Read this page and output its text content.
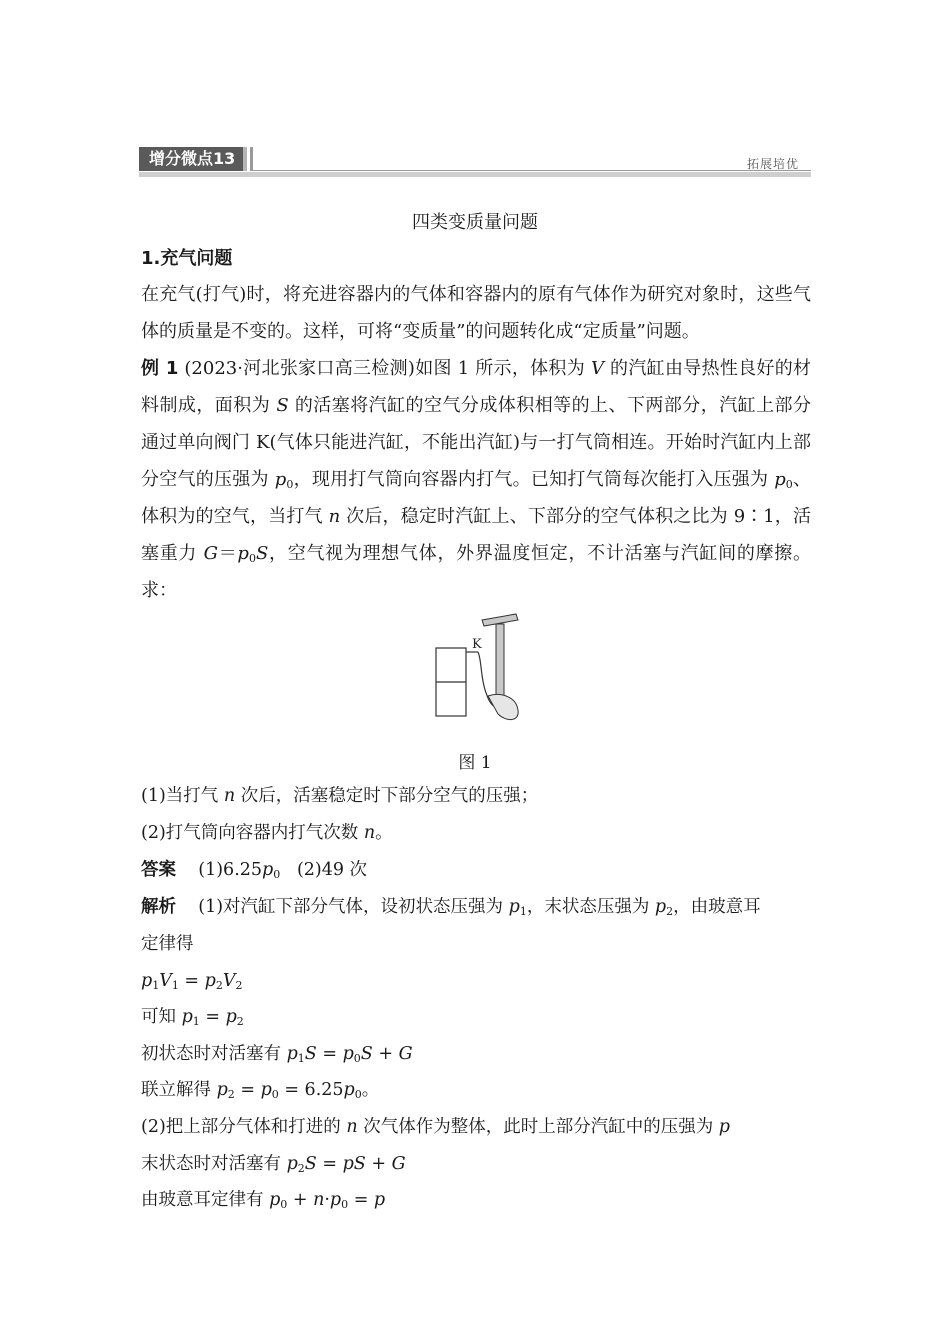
增分微点13	拓展培优
四类变质量问题
1.充气问题
在充气(打气)时，将充进容器内的气体和容器内的原有气体作为研究对象时，这些气体的质量是不变的。这样，可将“变质量”的问题转化成“定质量”问题。
例 1 (2023·河北张家口高三检测)如图 1 所示，体积为 V 的汽缸由导热性良好的材料制成，面积为 S 的活塞将汽缸的空气分成体积相等的上、下两部分，汽缸上部分通过单向阀门 K(气体只能进汽缸，不能出汽缸)与一打气筒相连。开始时汽缸内上部分空气的压强为 $p_0$，现用打气筒向容器内打气。已知打气筒每次能打入压强为 $p_0$、体积为的空气，当打气 n 次后，稳定时汽缸上、下部分的空气体积之比为 9∶1，活塞重力 $G=p_0S$，空气视为理想气体，外界温度恒定，不计活塞与汽缸间的摩擦。求：
K
图 1
(1)当打气 n 次后，活塞稳定时下部分空气的压强；
(2)打气筒向容器内打气次数 n。
答案 $(1)6.25p_0$ (2)49 次
解析 (1)对汽缸下部分气体，设初状态压强为 $p_1$，末状态压强为 $p_2$，由玻意耳
定律得
$p_1V_1 = p_2V_2$
可知 $p_1 = p_2$
初状态时对活塞有 $p_1S = p_0S + G$
联立解得 $p_2 = p_0 = 6.25p_0$。
(2)把上部分气体和打进的 n 次气体作为整体，此时上部分汽缸中的压强为 p
末状态时对活塞有 $p_2S$ = pS + G
由玻意耳定律有 $p_0 + n\cdot p_0 = p$
